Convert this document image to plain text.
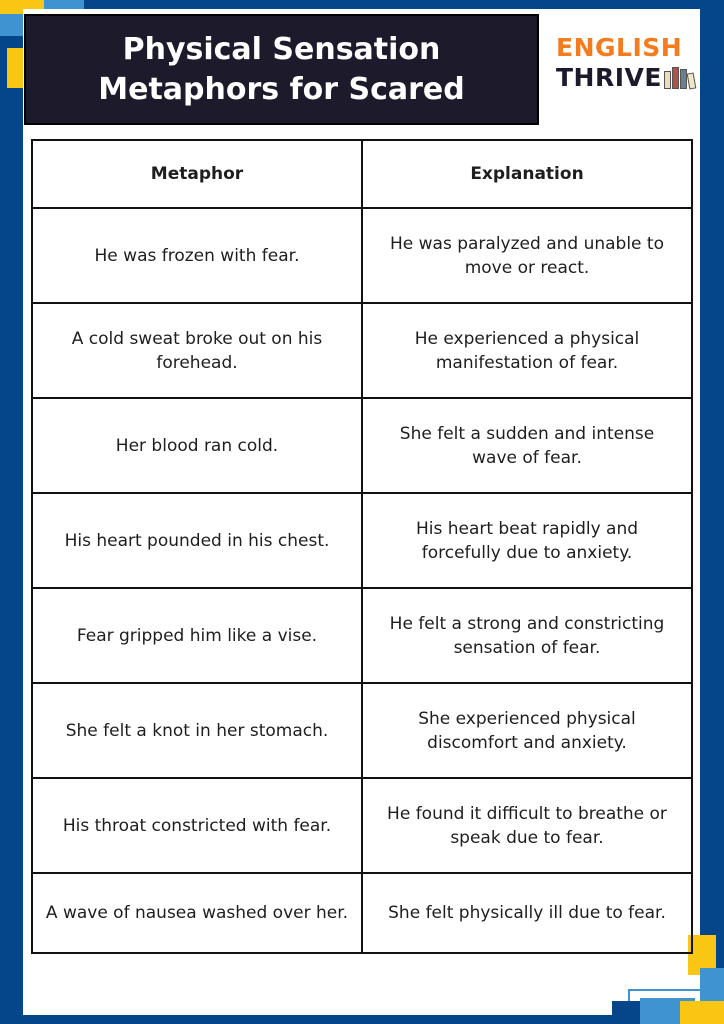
Physical Sensation
Metaphors for Scared
ENGLISH
THRIVE
Metaphor	Explanation
He was frozen with fear.	He was paralyzed and unable to move or react.
A cold sweat broke out on his forehead.	He experienced a physical manifestation of fear.
Her blood ran cold.	She felt a sudden and intense wave of fear.
His heart pounded in his chest.	His heart beat rapidly and forcefully due to anxiety.
Fear gripped him like a vise.	He felt a strong and constricting sensation of fear.
She felt a knot in her stomach.	She experienced physical discomfort and anxiety.
His throat constricted with fear.	He found it difficult to breathe or speak due to fear.
A wave of nausea washed over her.	She felt physically ill due to fear.
